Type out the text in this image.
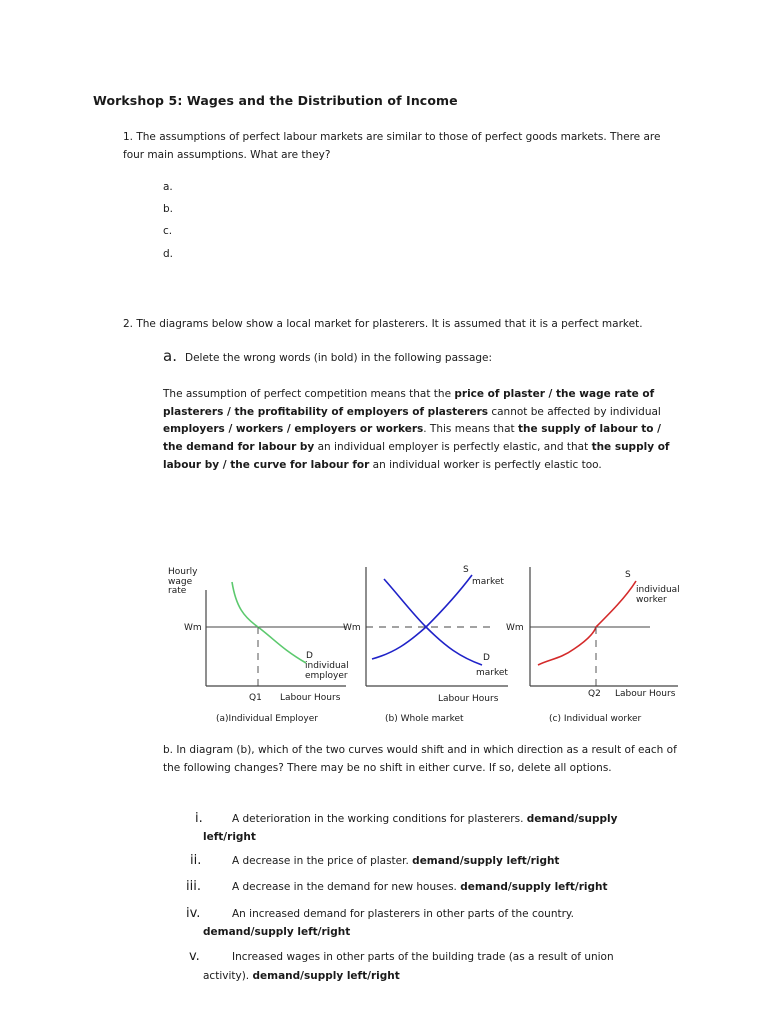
Workshop 5: Wages and the Distribution of Income
1. The assumptions of perfect labour markets are similar to those of perfect goods markets. There are four main assumptions. What are they?
a.
b.
c.
d.
2. The diagrams below show a local market for plasterers. It is assumed that it is a perfect market.
a. Delete the wrong words (in bold) in the following passage:
The assumption of perfect competition means that the price of plaster / the wage rate of plasterers / the profitability of employers of plasterers cannot be affected by individual employers / workers / employers or workers. This means that the supply of labour to / the demand for labour by an individual employer is perfectly elastic, and that the supply of labour by / the curve for labour for an individual worker is perfectly elastic too.
Hourly
wage
rate
Wm
D
individual
employer
Q1 Labour Hours
(a)Individual Employer
Wm
S
market
D
market
Labour Hours
(b) Whole market
Wm
S
individual
worker
Q2 Labour Hours
(c) Individual worker
b. In diagram (b), which of the two curves would shift and in which direction as a result of each of the following changes? There may be no shift in either curve. If so, delete all options.
i.	A deterioration in the working conditions for plasterers. demand/supply
left/right
ii.	A decrease in the price of plaster. demand/supply left/right
iii.	A decrease in the demand for new houses. demand/supply left/right
iv.	An increased demand for plasterers in other parts of the country.
demand/supply left/right
v.	Increased wages in other parts of the building trade (as a result of union
activity). demand/supply left/right
